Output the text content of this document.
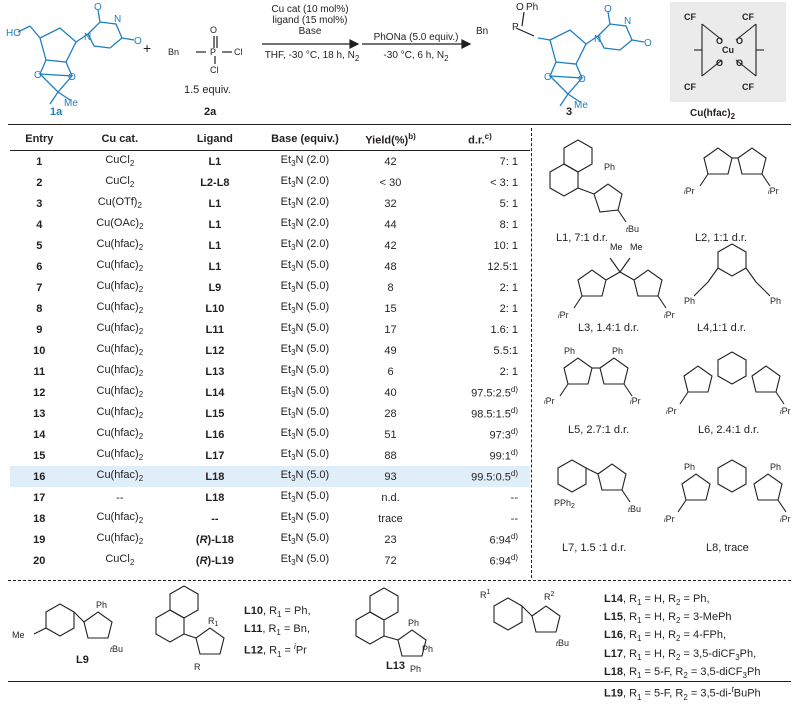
HO
O	O
Me
O
O
N
N
O
P Cl
Cl
Bn
Bn P
O Ph
O	O
Me
O
O
N
N	CF	CF
CF	CF
Cu
O O
O O
+
1a
1.5 equiv.
2a	3
Cu cat (10 mol%)
ligand (15 mol%)
Base
THF, -30 °C, 18 h, $N_2$
PhONa (5.0 equiv.)
-30 °C, 6 h, $N_2$
$Cu(hfac)_2$
Entry	Cu cat.	Ligand	Base (equiv.)	Yield(%)$^{b)}$	d.r.$^{c)}$
1	CuCl$_2$	L1	$Et_3N$ (2.0)	42	7: 1
2	CuCl$_2$	L2-L8	$Et_3N$ (2.0)	< 30	< 3: 1
3	$Cu(OTf)_2$	L1	$Et_3N$ (2.0)	32	5: 1
4	$Cu(OAc)_2$	L1	$Et_3N$ (2.0)	44	8: 1
5	$Cu(hfac)_2$	L1	$Et_3N$ (2.0)	42	10: 1
6	$Cu(hfac)_2$	L1	$Et_3N$ (5.0)	48	12.5:1
7	$Cu(hfac)_2$	L9	$Et_3N$ (5.0)	8	2: 1
8	$Cu(hfac)_2$	L10	$Et_3N$ (5.0)	15	2: 1
9	$Cu(hfac)_2$	L11	$Et_3N$ (5.0)	17	1.6: 1
10	$Cu(hfac)_2$	L12	$Et_3N$ (5.0)	49	5.5:1
11	$Cu(hfac)_2$	L13	$Et_3N$ (5.0)	6	2: 1
12	$Cu(hfac)_2$	L14	$Et_3N$ (5.0)	40	97.5:2.5$^{d)}$
13	$Cu(hfac)_2$	L15	$Et_3N$ (5.0)	28	98.5:1.5$^{d)}$
14	$Cu(hfac)_2$	L16	$Et_3N$ (5.0)	51	97:3$^{d)}$
15	$Cu(hfac)_2$	L17	$Et_3N$ (5.0)	88	99:1$^{d)}$
16	$Cu(hfac)_2$	L18	$Et_3N$ (5.0)	93	99.5:0.5$^{d)}$
17	--	L18	$Et_3N$ (5.0)	n.d.	--
18	$Cu(hfac)_2$	--	$Et_3N$ (5.0)	trace	--
19	$Cu(hfac)_2$	(R)-L18	$Et_3N$ (5.0)	23	6:94$^{d)}$
20	CuCl$_2$	(R)-L19	$Et_3N$ (5.0)	72	6:94$^{d)}$
Ph
tBu
iPr	iPr
Me Me
iPr	iPr
Ph	Ph
Ph	Ph
iPr	iPr
iPr	iPr
PPh$_2$
tBu
Ph	Ph
iPr	iPr
L1, 7:1 d.r.	L2, 1:1 d.r.
L3, 1.4:1 d.r.	L4,1:1 d.r.
L5, 2.7:1 d.r.	L6, 2.4:1 d.r.
L7, 1.5 :1 d.r.	L8, trace
Me
Ph
tBu
$R_1$
R
Ph
Ph
Ph
$R^1$	$R^2$
tBu
L9	L13
L10, $R_1 = Ph$,
L11, $R_1 = Bn$,
L12, $R_1 = ^iPr$
L14, $R_1 = H$, $R_2 = Ph$,
L15, $R_1 = H$, $R_2$ = 3-MePh
L16, $R_1 = H$, $R_2 = 4-FPh$,
L17, $R_1 = H$, $R_2$ = 3,5-diCF$_3$Ph,
L18, $R_1 = 5-F$, $R_2$ = 3,5-diCF$_3$Ph
L19, $R_1 = 5-F$, $R_2$ = 3,5-di-$^t$BuPh
